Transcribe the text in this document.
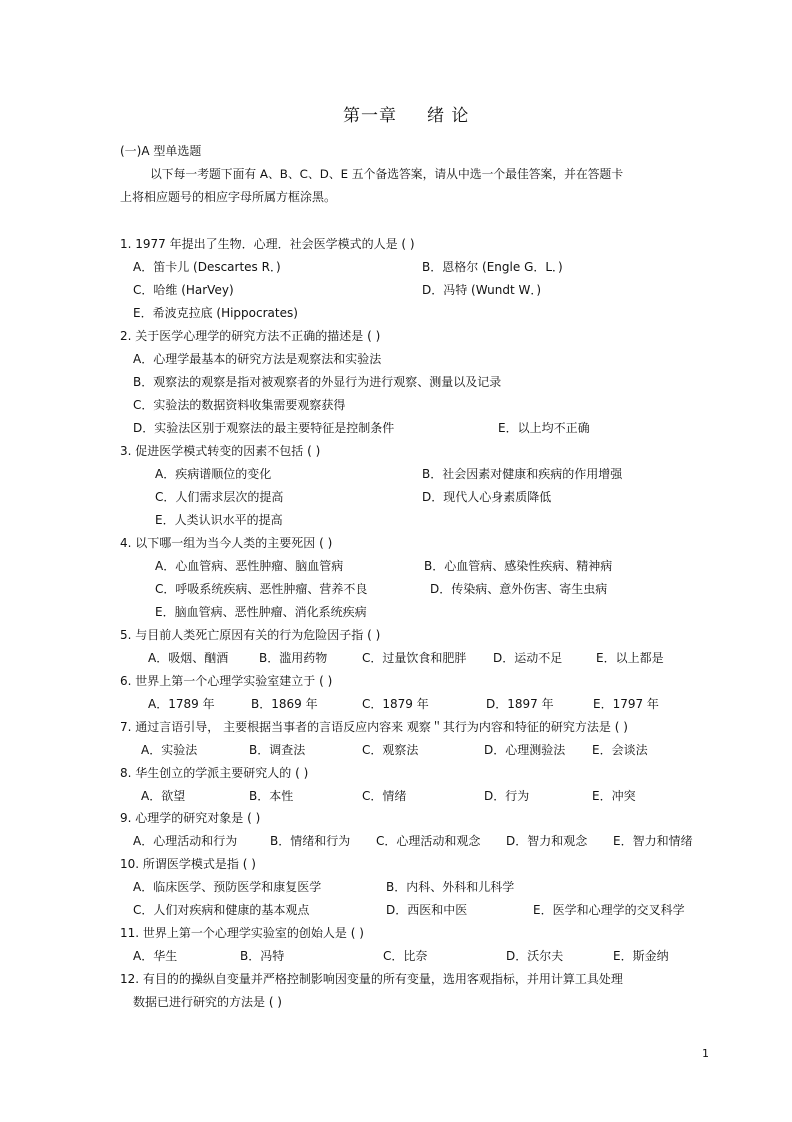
第一章 绪 论
(一)A 型单选题
以下每一考题下面有 A、B、C、D、E 五个备选答案，请从中选一个最佳答案，并在答题卡
上将相应题号的相应字母所属方框涂黑。
1. 1977 年提出了生物．心理．社会医学模式的人是 ( )
A．笛卡儿 (Descartes R．)	B．恩格尔 (Engle G．L．)
C．哈维 (HarVey)	D．冯特 (Wundt W．)
E．希波克拉底 (Hippocrates)
2. 关于医学心理学的研究方法不正确的描述是 ( )
A．心理学最基本的研究方法是观察法和实验法
B．观察法的观察是指对被观察者的外显行为进行观察、测量以及记录
C．实验法的数据资料收集需要观察获得
D．实验法区别于观察法的最主要特征是控制条件	E．以上均不正确
3. 促进医学模式转变的因素不包括 ( )
A．疾病谱顺位的变化	B．社会因素对健康和疾病的作用增强
C．人们需求层次的提高	D．现代人心身素质降低
E．人类认识水平的提高
4. 以下哪一组为当今人类的主要死因 ( )
A．心血管病、恶性肿瘤、脑血管病	B．心血管病、感染性疾病、精神病
C．呼吸系统疾病、恶性肿瘤、营养不良	D．传染病、意外伤害、寄生虫病
E．脑血管病、恶性肿瘤、消化系统疾病
5. 与目前人类死亡原因有关的行为危险因子指 ( )
A．吸烟、酗酒	B．滥用药物	C．过量饮食和肥胖 D．运动不足	E．以上都是
6. 世界上第一个心理学实验室建立于 ( )
A．1789 年	B．1869 年	C．1879 年	D．1897 年	E．1797 年
7. 通过言语引导， 主要根据当事者的言语反应内容来 观察＂其行为内容和特征的研究方法是 ( )
A．实验法	B．调查法	C．观察法	D．心理测验法 E．会谈法
8. 华生创立的学派主要研究人的 ( )
A．欲望	B．本性	C．情绪	D．行为	E．冲突
9. 心理学的研究对象是 ( )
A．心理活动和行为	B．情绪和行为 C．心理活动和观念 D．智力和观念 E．智力和情绪
10. 所谓医学模式是指 ( )
A．临床医学、预防医学和康复医学	B．内科、外科和儿科学
C．人们对疾病和健康的基本观点	D．西医和中医	E．医学和心理学的交叉科学
11. 世界上第一个心理学实验室的创始人是 ( )
A．华生	B．冯特	C．比奈	D．沃尔夫	E．斯金纳
12. 有目的的操纵自变量并严格控制影响因变量的所有变量，选用客观指标，并用计算工具处理
数据已进行研究的方法是 ( )
1
